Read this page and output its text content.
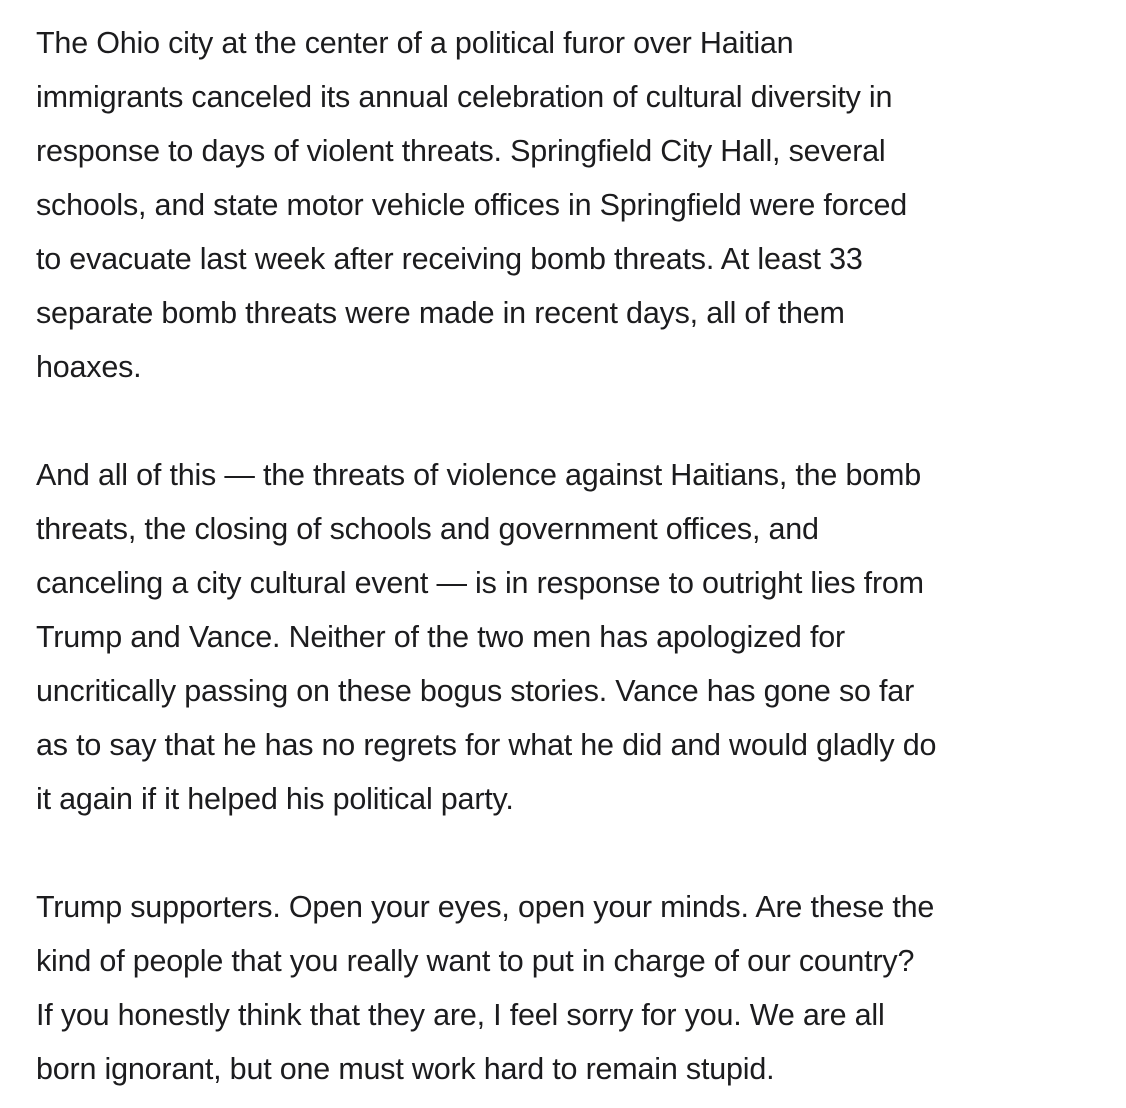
The Ohio city at the center of a political furor over Haitian
immigrants canceled its annual celebration of cultural diversity in
response to days of violent threats. Springfield City Hall, several
schools, and state motor vehicle offices in Springfield were forced
to evacuate last week after receiving bomb threats. At least 33
separate bomb threats were made in recent days, all of them
hoaxes.
And all of this — the threats of violence against Haitians, the bomb
threats, the closing of schools and government offices, and
canceling a city cultural event — is in response to outright lies from
Trump and Vance. Neither of the two men has apologized for
uncritically passing on these bogus stories. Vance has gone so far
as to say that he has no regrets for what he did and would gladly do
it again if it helped his political party.
Trump supporters. Open your eyes, open your minds. Are these the
kind of people that you really want to put in charge of our country?
If you honestly think that they are, I feel sorry for you. We are all
born ignorant, but one must work hard to remain stupid.
